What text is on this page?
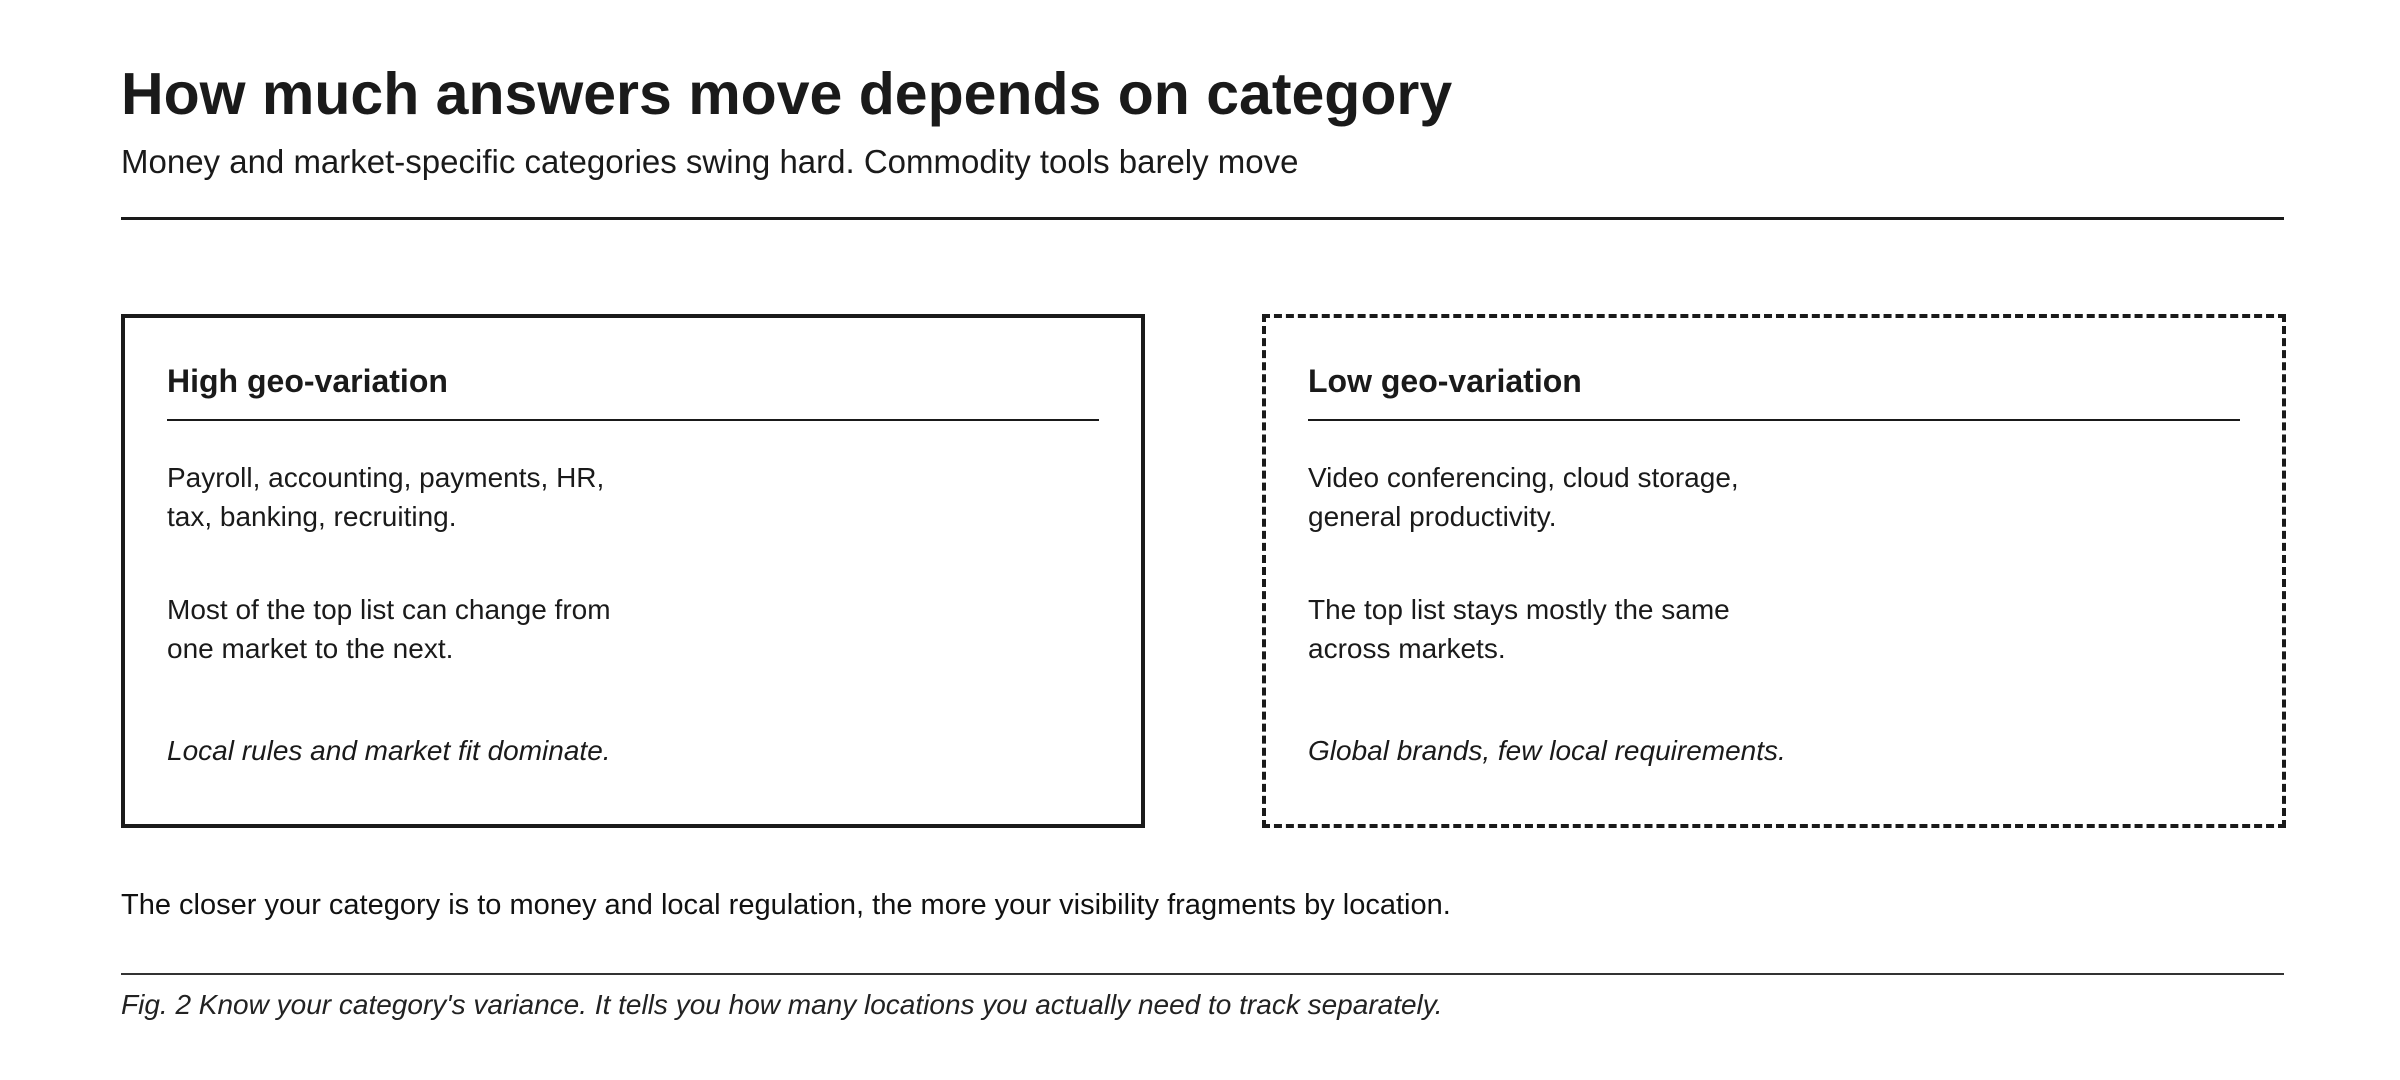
How much answers move depends on category

Money and market-specific categories swing hard. Commodity tools barely move

High geo-variation

Payroll, accounting, payments, HR,

tax, banking, recruiting.

Most of the top list can change from

one market to the next.

Local rules and market fit dominate.

Low geo-variation

Video conferencing, cloud storage,

general productivity.

The top list stays mostly the same

across markets.

Global brands, few local requirements.

The closer your category is to money and local regulation, the more your visibility fragments by location.

Fig. 2 Know your category's variance. It tells you how many locations you actually need to track separately.
